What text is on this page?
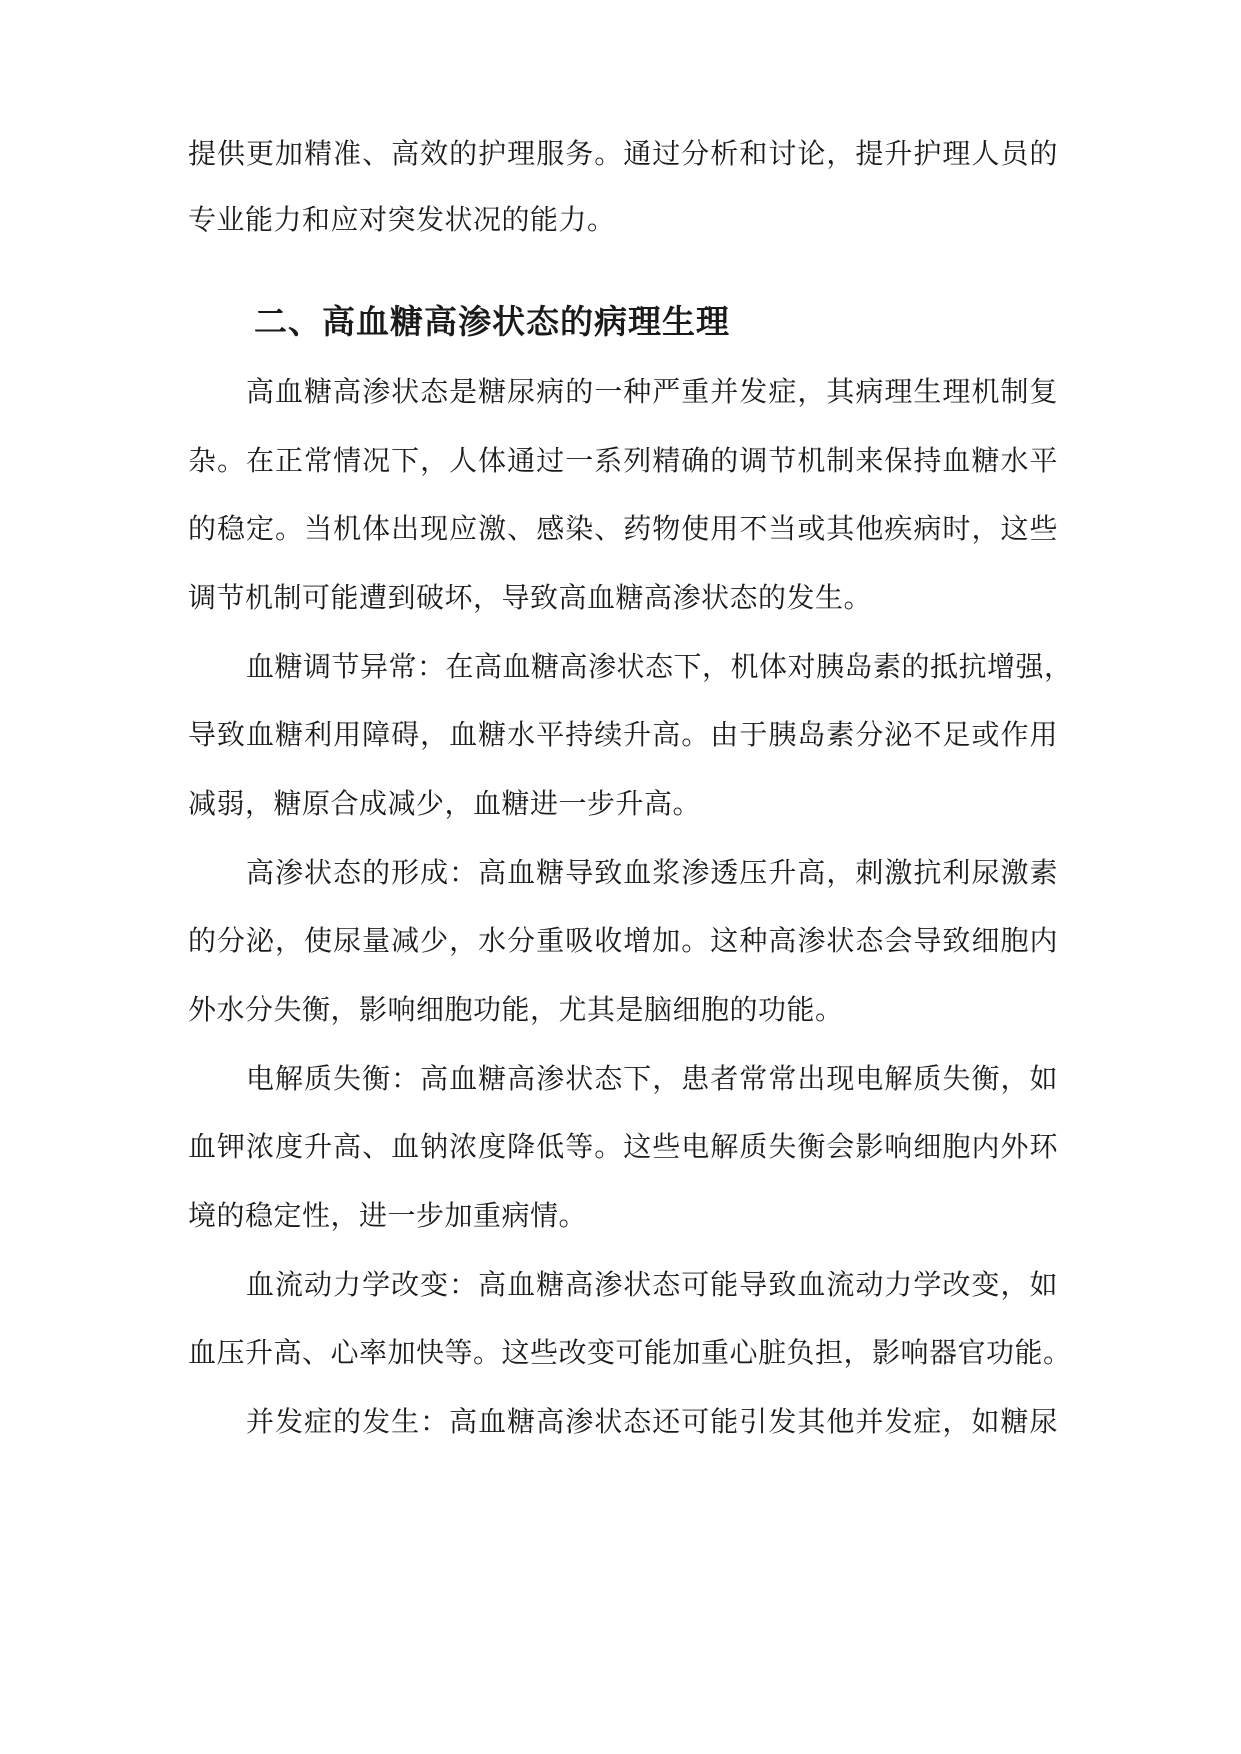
提供更加精准、高效的护理服务。通过分析和讨论，提升护理人员的
专业能力和应对突发状况的能力。
二、高血糖高渗状态的病理生理
高血糖高渗状态是糖尿病的一种严重并发症，其病理生理机制复
杂。在正常情况下，人体通过一系列精确的调节机制来保持血糖水平
的稳定。当机体出现应激、感染、药物使用不当或其他疾病时，这些
调节机制可能遭到破坏，导致高血糖高渗状态的发生。
血糖调节异常：在高血糖高渗状态下，机体对胰岛素的抵抗增强，
导致血糖利用障碍，血糖水平持续升高。由于胰岛素分泌不足或作用
减弱，糖原合成减少，血糖进一步升高。
高渗状态的形成：高血糖导致血浆渗透压升高，刺激抗利尿激素
的分泌，使尿量减少，水分重吸收增加。这种高渗状态会导致细胞内
外水分失衡，影响细胞功能，尤其是脑细胞的功能。
电解质失衡：高血糖高渗状态下，患者常常出现电解质失衡，如
血钾浓度升高、血钠浓度降低等。这些电解质失衡会影响细胞内外环
境的稳定性，进一步加重病情。
血流动力学改变：高血糖高渗状态可能导致血流动力学改变，如
血压升高、心率加快等。这些改变可能加重心脏负担，影响器官功能。
并发症的发生：高血糖高渗状态还可能引发其他并发症，如糖尿
